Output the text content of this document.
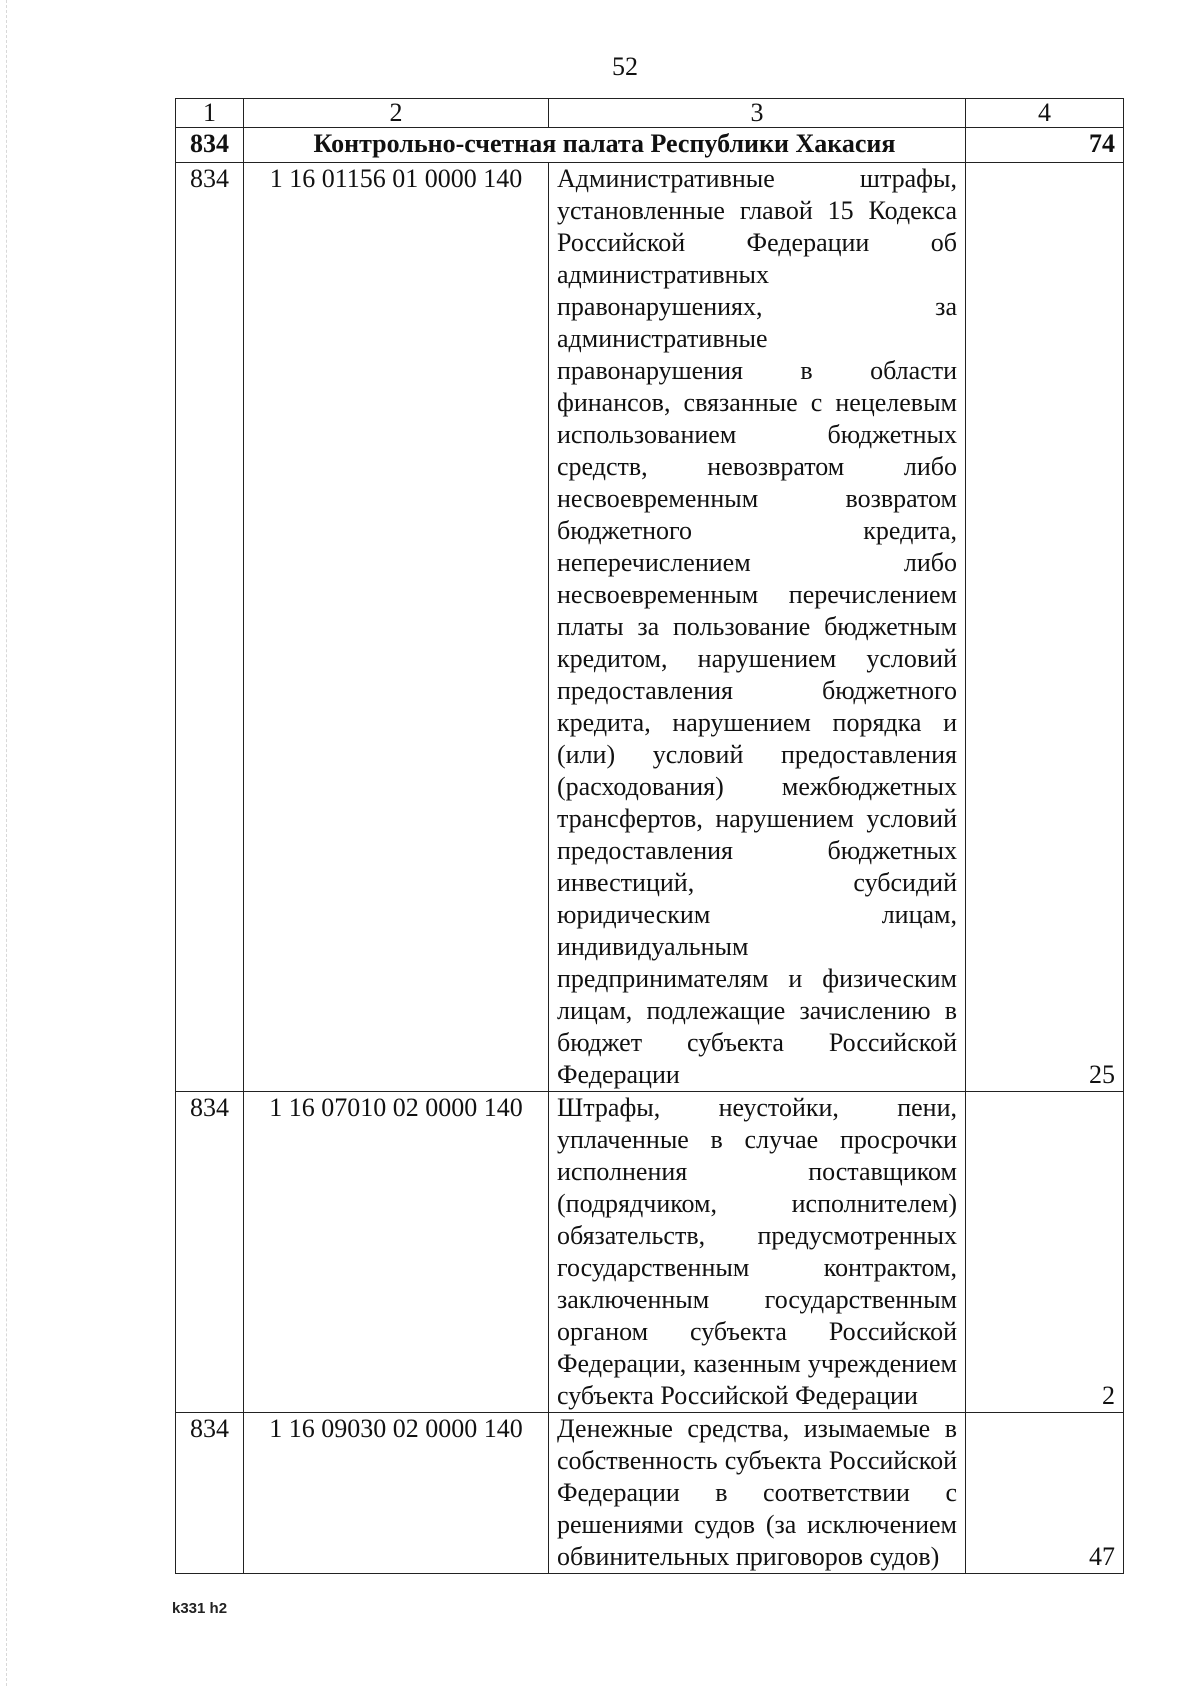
52
1	2	3	4
834	Контрольно-счетная палата Республики Хакасия		74
834	1 16 01156 01 0000 140	Административные штрафы, установленные главой 15 Кодекса Российской Федерации об административных правонарушениях, за административные правонарушения в области финансов, связанные с нецелевым использованием бюджетных средств, невозвратом либо несвоевременным возвратом бюджетного кредита, неперечислением либо несвоевременным перечислением платы за пользование бюджетным кредитом, нарушением условий предоставления бюджетного кредита, нарушением порядка и (или) условий предоставления (расходования) межбюджетных трансфертов, нарушением условий предоставления бюджетных инвестиций, субсидий юридическим лицам, индивидуальным предпринимателям и физическим лицам, подлежащие зачислению в бюджет субъекта Российской Федерации	25
834	1 16 07010 02 0000 140	Штрафы, неустойки, пени, уплаченные в случае просрочки исполнения поставщиком (подрядчиком, исполнителем) обязательств, предусмотренных государственным контрактом, заключенным государственным органом субъекта Российской Федерации, казенным учреждением субъекта Российской Федерации	2
834	1 16 09030 02 0000 140	Денежные средства, изымаемые в собственность субъекта Российской Федерации в соответствии с решениями судов (за исключением обвинительных приговоров судов)	47
k331 h2
